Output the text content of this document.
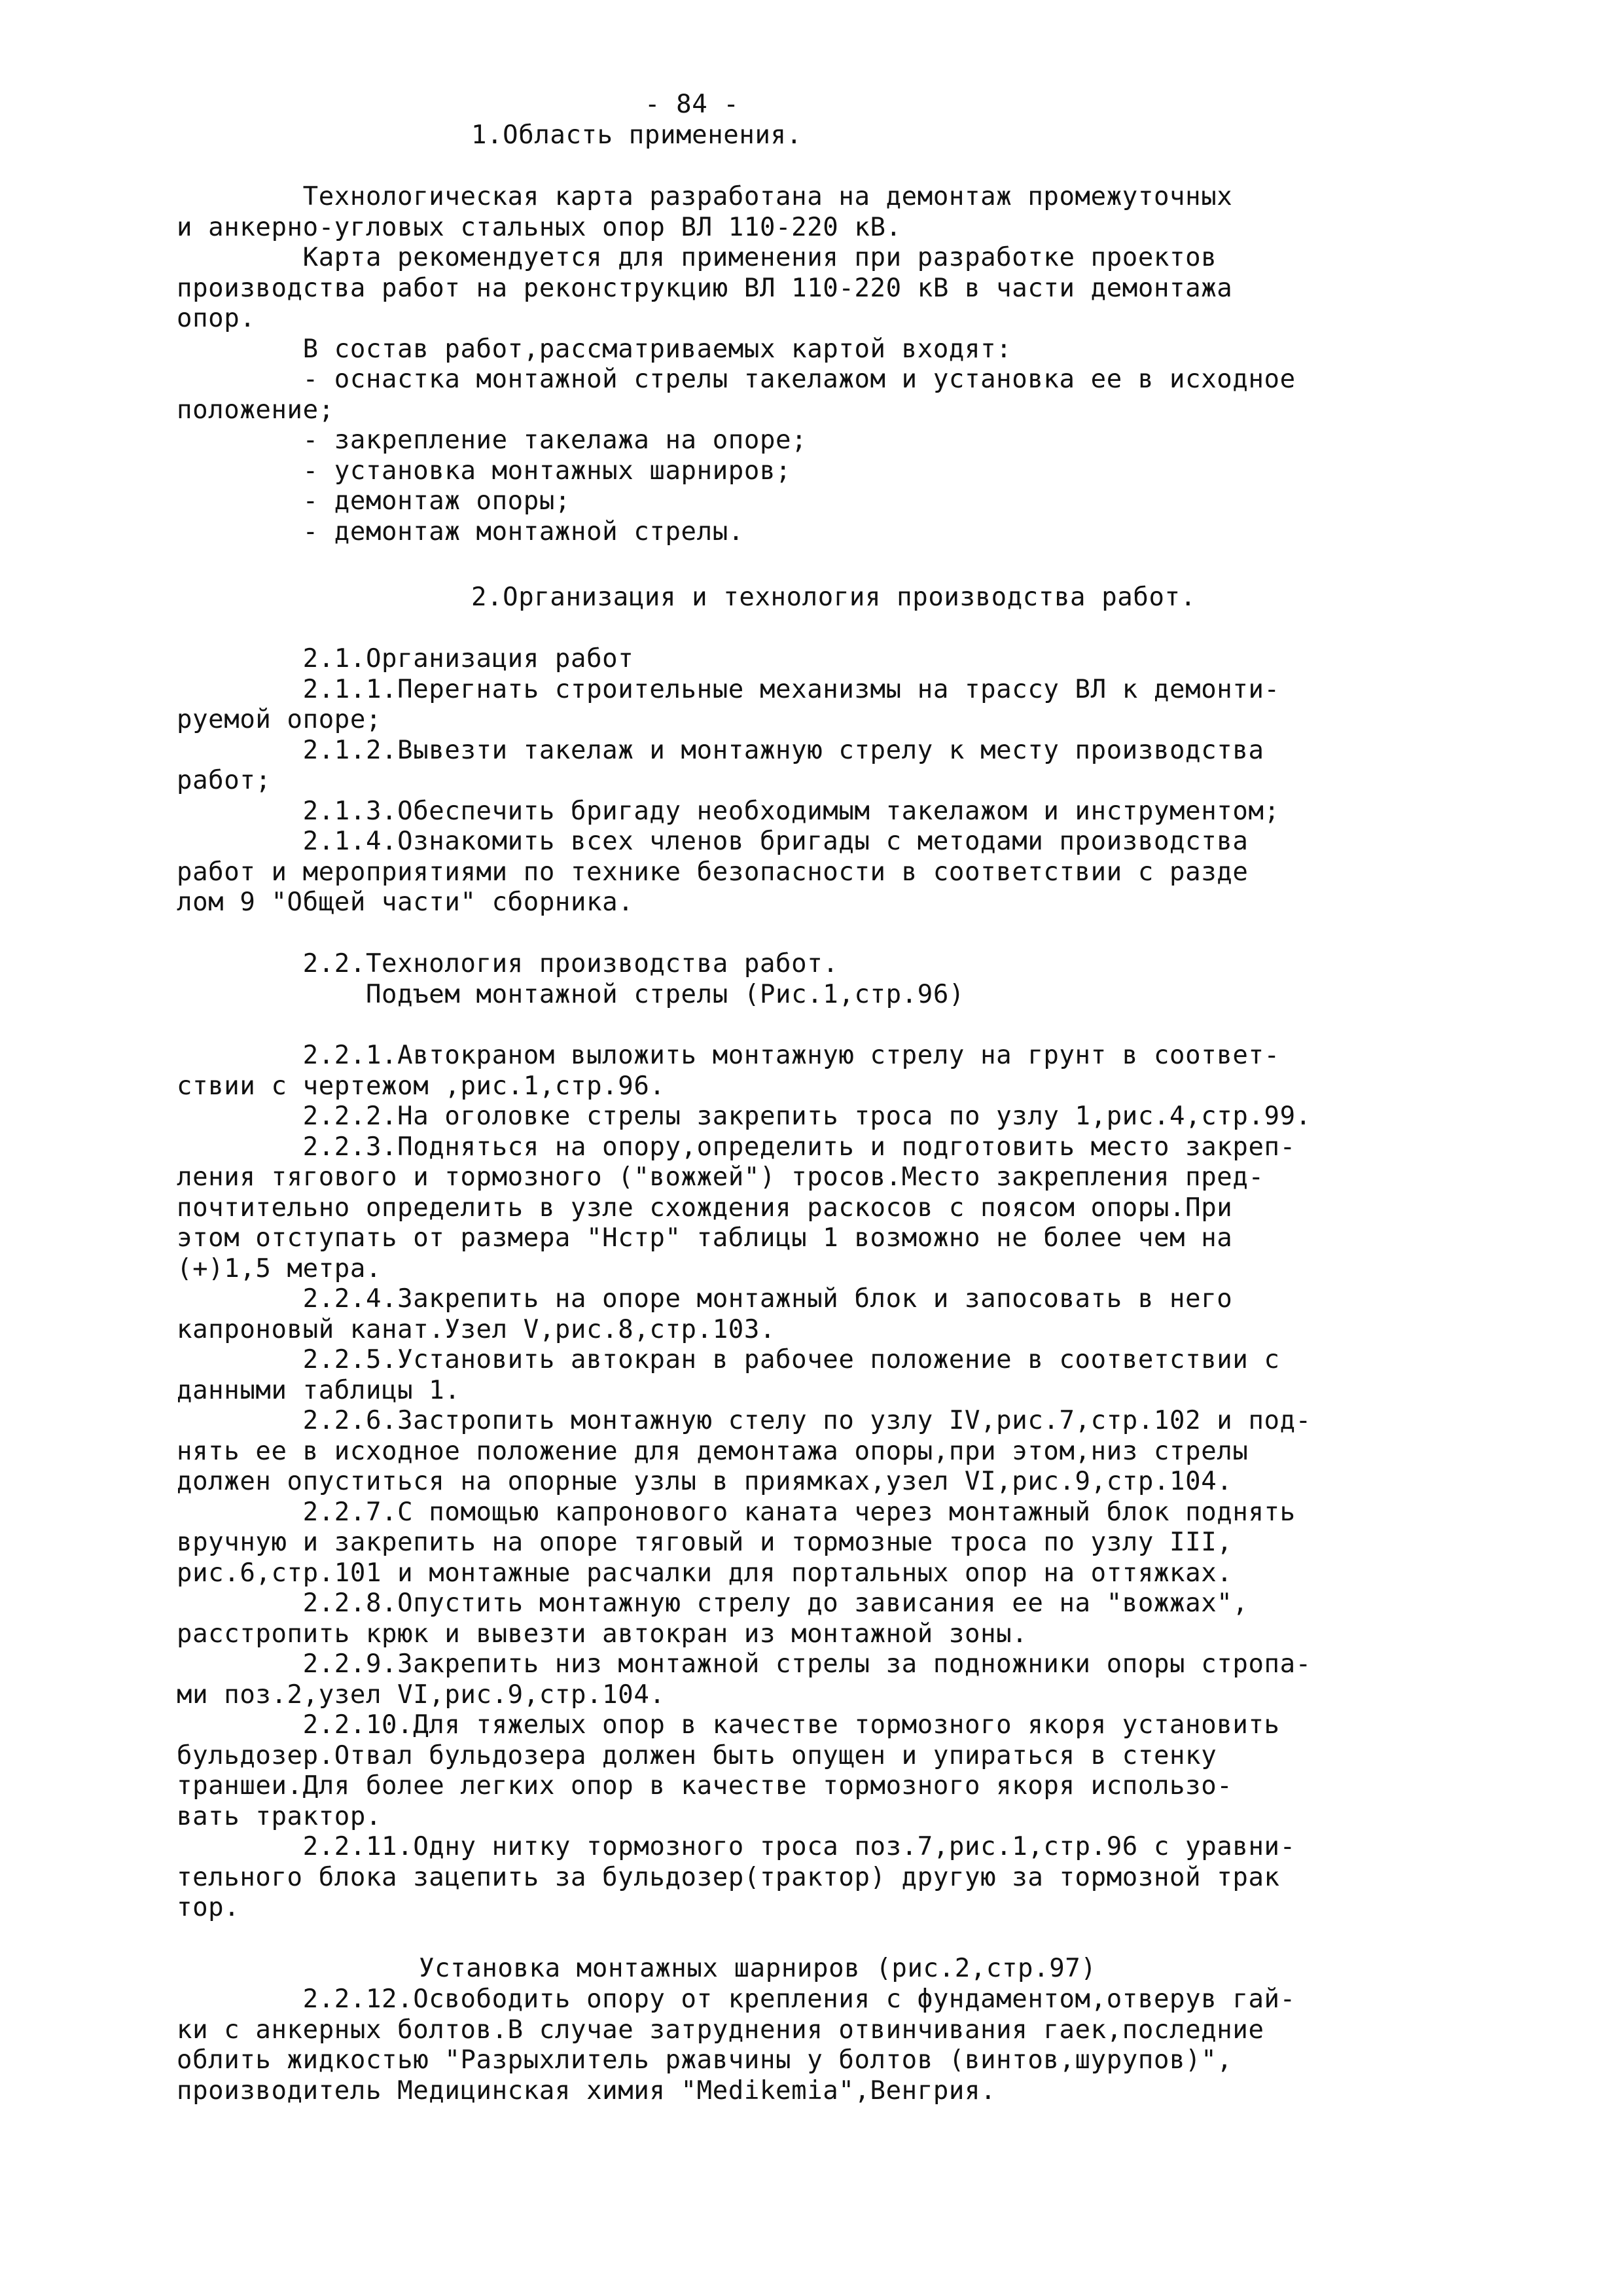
- 84 -
1.Область применения.
Технологическая карта разработана на демонтаж промежуточных
и анкерно-угловых стальных опор ВЛ 110-220 кВ.
Карта рекомендуется для применения при разработке проектов
производства работ на реконструкцию ВЛ 110-220 кВ в части демонтажа
опор.
В состав работ,рассматриваемых картой входят:
- оснастка монтажной стрелы такелажом и установка ее в исходное
положение;
- закрепление такелажа на опоре;
- установка монтажных шарниров;
- демонтаж опоры;
- демонтаж монтажной стрелы.
2.Организация и технология производства работ.
2.1.Организация работ
2.1.1.Перегнать строительные механизмы на трассу ВЛ к демонти-
руемой опоре;
2.1.2.Вывезти такелаж и монтажную стрелу к месту производства
работ;
2.1.3.Обеспечить бригаду необходимым такелажом и инструментом;
2.1.4.Ознакомить всех членов бригады с методами производства
работ и мероприятиями по технике безопасности в соответствии с разде
лом 9 "Общей части" сборника.
2.2.Технология производства работ.
Подъем монтажной стрелы (Рис.1,стр.96)
2.2.1.Автокраном выложить монтажную стрелу на грунт в соответ-
ствии с чертежом ,рис.1,стр.96.
2.2.2.На оголовке стрелы закрепить троса по узлу 1,рис.4,стр.99.
2.2.3.Подняться на опору,определить и подготовить место закреп-
ления тягового и тормозного ("вожжей") тросов.Место закрепления пред-
почтительно определить в узле схождения раскосов с поясом опоры.При
этом отступать от размера "Нстр" таблицы 1 возможно не более чем на
(+)1,5 метра.
2.2.4.Закрепить на опоре монтажный блок и запосовать в него
капроновый канат.Узел V,рис.8,стр.103.
2.2.5.Установить автокран в рабочее положение в соответствии с
данными таблицы 1.
2.2.6.Застропить монтажную стелу по узлу IV,рис.7,стр.102 и под-
нять ее в исходное положение для демонтажа опоры,при этом,низ стрелы
должен опуститься на опорные узлы в приямках,узел VI,рис.9,стр.104.
2.2.7.С помощью капронового каната через монтажный блок поднять
вручную и закрепить на опоре тяговый и тормозные троса по узлу III,
рис.6,стр.101 и монтажные расчалки для портальных опор на оттяжках.
2.2.8.Опустить монтажную стрелу до зависания ее на "вожжах",
расстропить крюк и вывезти автокран из монтажной зоны.
2.2.9.Закрепить низ монтажной стрелы за подножники опоры стропа-
ми поз.2,узел VI,рис.9,стр.104.
2.2.10.Для тяжелых опор в качестве тормозного якоря установить
бульдозер.Отвал бульдозера должен быть опущен и упираться в стенку
траншеи.Для более легких опор в качестве тормозного якоря использо-
вать трактор.
2.2.11.Одну нитку тормозного троса поз.7,рис.1,стр.96 с уравни-
тельного блока зацепить за бульдозер(трактор) другую за тормозной трак
тор.
Установка монтажных шарниров (рис.2,стр.97)
2.2.12.Освободить опору от крепления с фундаментом,отверув гай-
ки с анкерных болтов.В случае затруднения отвинчивания гаек,последние
облить жидкостью "Разрыхлитель ржавчины у болтов (винтов,шурупов)",
производитель Медицинская химия "Medikemia",Венгрия.
